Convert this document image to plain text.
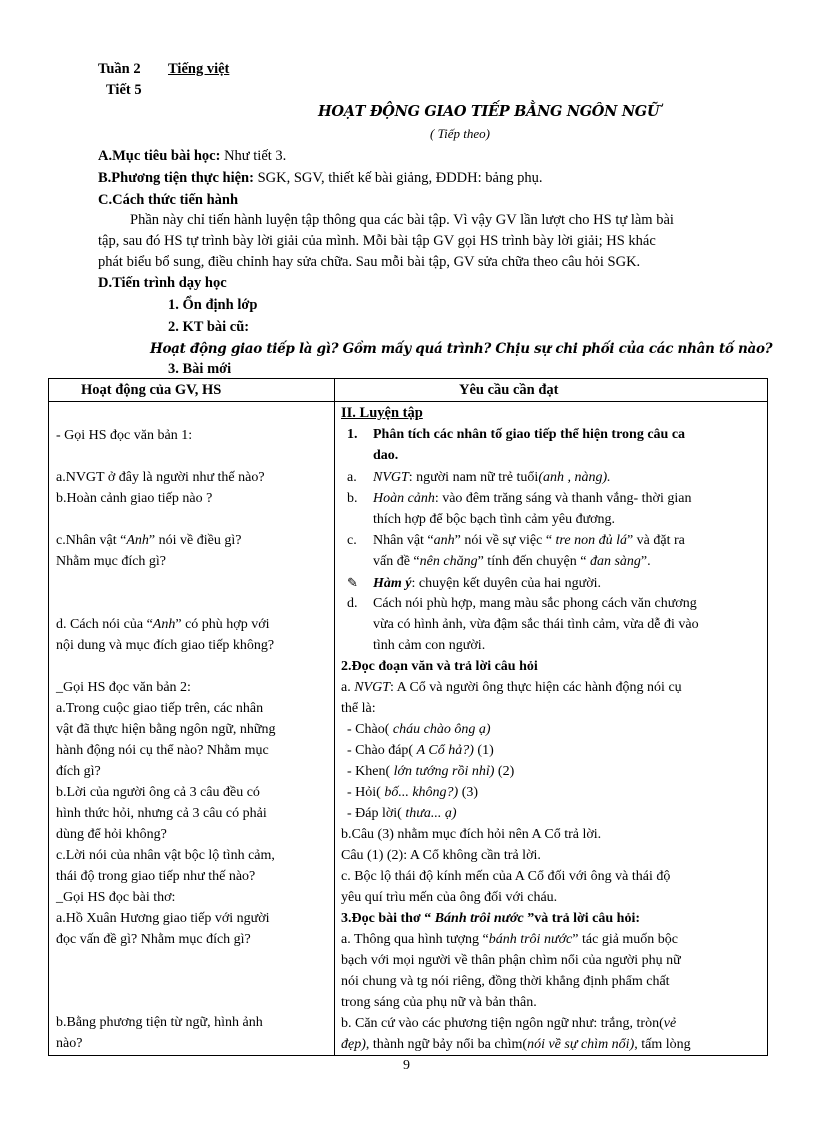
Tuần 2 Tiếng việt
Tiết 5
HOẠT ĐỘNG GIAO TIẾP BẰNG NGÔN NGỮ
( Tiếp theo)
A.Mục tiêu bài học: Như tiết 3.
B.Phương tiện thực hiện: SGK, SGV, thiết kế bài giảng, ĐDDH: bảng phụ.
C.Cách thức tiến hành
Phần này chỉ tiến hành luyện tập thông qua các bài tập. Vì vậy GV lần lượt cho HS tự làm bài
tập, sau đó HS tự trình bày lời giải của mình. Mỗi bài tập GV gọi HS trình bày lời giải; HS khác
phát biểu bổ sung, điều chỉnh hay sửa chữa. Sau mỗi bài tập, GV sửa chữa theo câu hỏi SGK.
D.Tiến trình dạy học
1. Ổn định lớp
2. KT bài cũ:
Hoạt động giao tiếp là gì? Gồm mấy quá trình? Chịu sự chi phối của các nhân tố nào?
3. Bài mới
Hoạt động của GV, HS	Yêu cầu cần đạt
- Gọi HS đọc văn bản 1:
a.NVGT ở đây là người như thế nào?
b.Hoàn cảnh giao tiếp nào ?
c.Nhân vật “Anh” nói về điều gì?
Nhằm mục đích gì?
d. Cách nói của “Anh” có phù hợp với
nội dung và mục đích giao tiếp không?
_Gọi HS đọc văn bản 2:
a.Trong cuộc giao tiếp trên, các nhân
vật đã thực hiện bằng ngôn ngữ, những
hành động nói cụ thể nào? Nhằm mục
đích gì?
b.Lời của người ông cả 3 câu đều có
hình thức hỏi, nhưng cả 3 câu có phải
dùng để hỏi không?
c.Lời nói của nhân vật bộc lộ tình cảm,
thái độ trong giao tiếp như thế nào?
_Gọi HS đọc bài thơ:
a.Hồ Xuân Hương giao tiếp với người
đọc vấn đề gì? Nhằm mục đích gì?
b.Bằng phương tiện từ ngữ, hình ảnh
nào?
II. Luyện tập
1. Phân tích các nhân tố giao tiếp thể hiện trong câu ca
dao.
a. NVGT: người nam nữ trẻ tuổi(anh , nàng).
b. Hoàn cảnh: vào đêm trăng sáng và thanh vắng- thời gian
thích hợp để bộc bạch tình cảm yêu đương.
c. Nhân vật “anh” nói về sự việc “ tre non đủ lá” và đặt ra
vấn đề “nên chăng” tính đến chuyện “ đan sàng”.
✎ Hàm ý: chuyện kết duyên của hai người.
d. Cách nói phù hợp, mang màu sắc phong cách văn chương
vừa có hình ảnh, vừa đậm sắc thái tình cảm, vừa dễ đi vào
tình cảm con người.
2.Đọc đoạn văn và trả lời câu hỏi
a. NVGT: A Cổ và người ông thực hiện các hành động nói cụ
thể là:
- Chào( cháu chào ông ạ)
- Chào đáp( A Cổ hả?) (1)
- Khen( lớn tướng rồi nhỉ) (2)
- Hỏi( bố... không?) (3)
- Đáp lời( thưa... ạ)
b.Câu (3) nhằm mục đích hỏi nên A Cổ trả lời.
Câu (1) (2): A Cổ không cần trả lời.
c. Bộc lộ thái độ kính mến của A Cổ đối với ông và thái độ
yêu quí trìu mến của ông đối với cháu.
3.Đọc bài thơ “ Bánh trôi nước ”và trả lời câu hỏi:
a. Thông qua hình tượng “bánh trôi nước” tác giả muốn bộc
bạch với mọi người về thân phận chìm nổi của người phụ nữ
nói chung và tg nói riêng, đồng thời khẳng định phẩm chất
trong sáng của phụ nữ và bản thân.
b. Căn cứ vào các phương tiện ngôn ngữ như: trắng, tròn(vẻ
đẹp), thành ngữ bảy nổi ba chìm(nói về sự chìm nổi), tấm lòng
9
